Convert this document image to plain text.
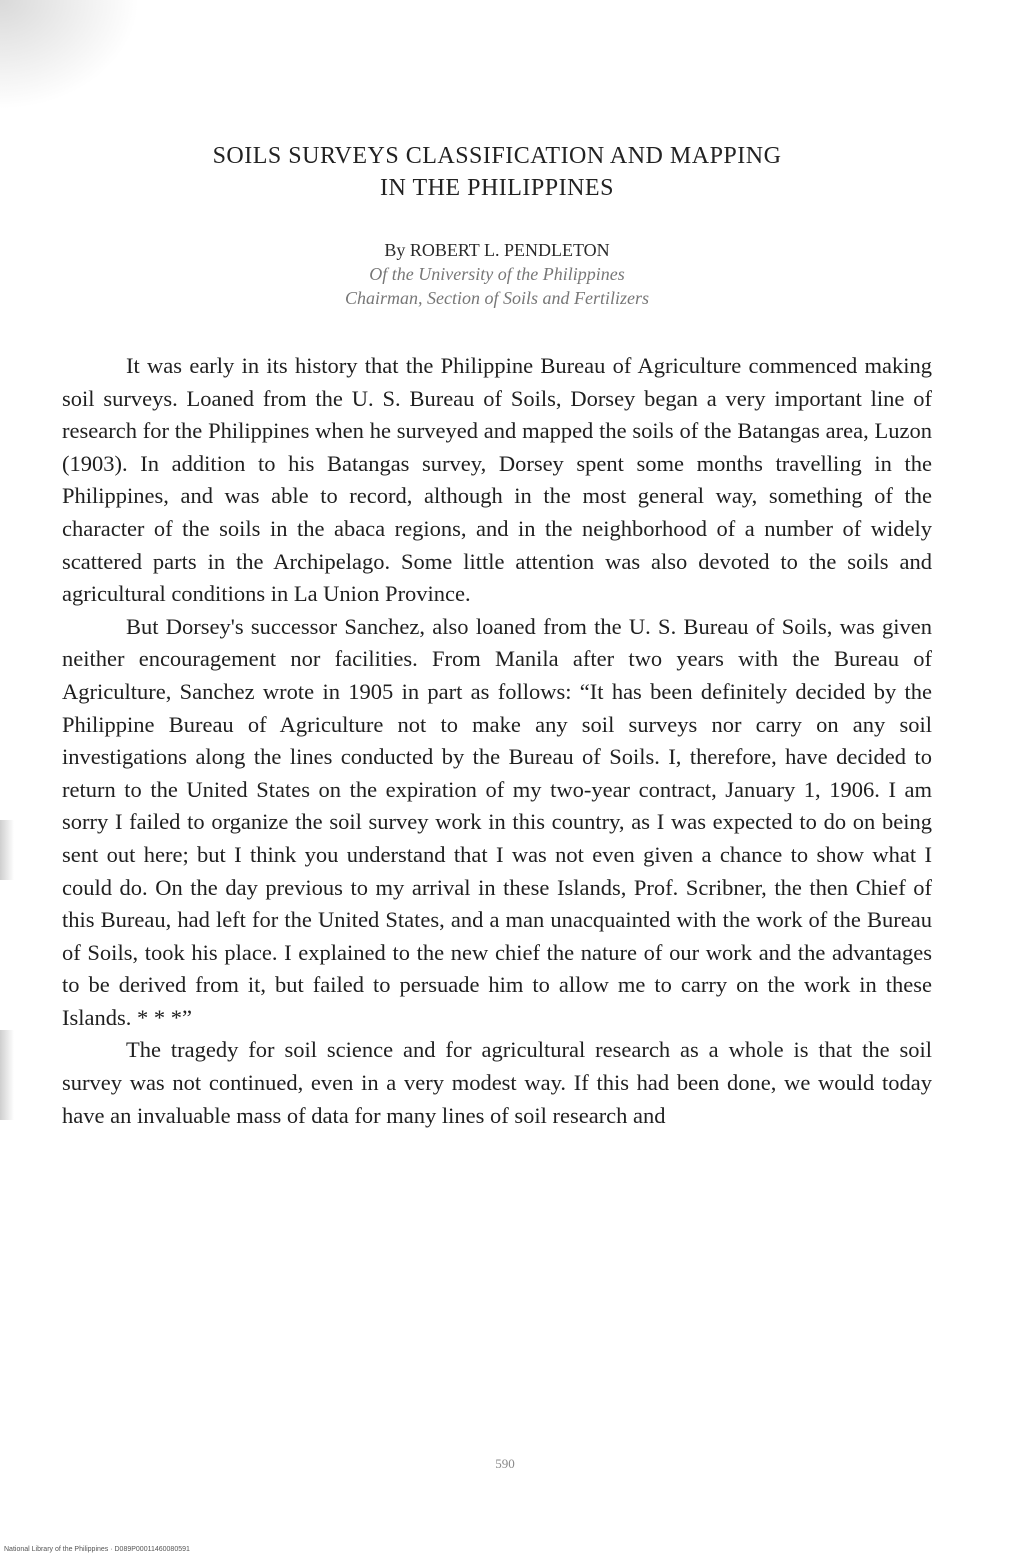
SOILS SURVEYS CLASSIFICATION AND MAPPING
IN THE PHILIPPINES
By ROBERT L. PENDLETON
Of the University of the Philippines
Chairman, Section of Soils and Fertilizers

It was early in its history that the Philippine Bureau of Agriculture commenced making soil surveys. Loaned from the U. S. Bureau of Soils, Dorsey began a very important line of research for the Philippines when he surveyed and mapped the soils of the Batangas area, Luzon (1903). In addition to his Batangas survey, Dorsey spent some months travelling in the Philippines, and was able to record, although in the most general way, something of the character of the soils in the abaca regions, and in the neighborhood of a number of widely scattered parts in the Archipelago. Some little attention was also devoted to the soils and agricultural conditions in La Union Province.

But Dorsey's successor Sanchez, also loaned from the U. S. Bureau of Soils, was given neither encouragement nor facilities. From Manila after two years with the Bureau of Agriculture, Sanchez wrote in 1905 in part as follows: “It has been definitely decided by the Philippine Bureau of Agriculture not to make any soil surveys nor carry on any soil investigations along the lines conducted by the Bureau of Soils. I, therefore, have decided to return to the United States on the expiration of my two-year contract, January 1, 1906. I am sorry I failed to organize the soil survey work in this country, as I was expected to do on being sent out here; but I think you understand that I was not even given a chance to show what I could do. On the day previous to my arrival in these Islands, Prof. Scribner, the then Chief of this Bureau, had left for the United States, and a man unacquainted with the work of the Bureau of Soils, took his place. I explained to the new chief the nature of our work and the advantages to be derived from it, but failed to persuade him to allow me to carry on the work in these Islands. * * *”

The tragedy for soil science and for agricultural research as a whole is that the soil survey was not continued, even in a very modest way. If this had been done, we would today have an invaluable mass of data for many lines of soil research and

590
National Library of the Philippines · D089P00011460080591
